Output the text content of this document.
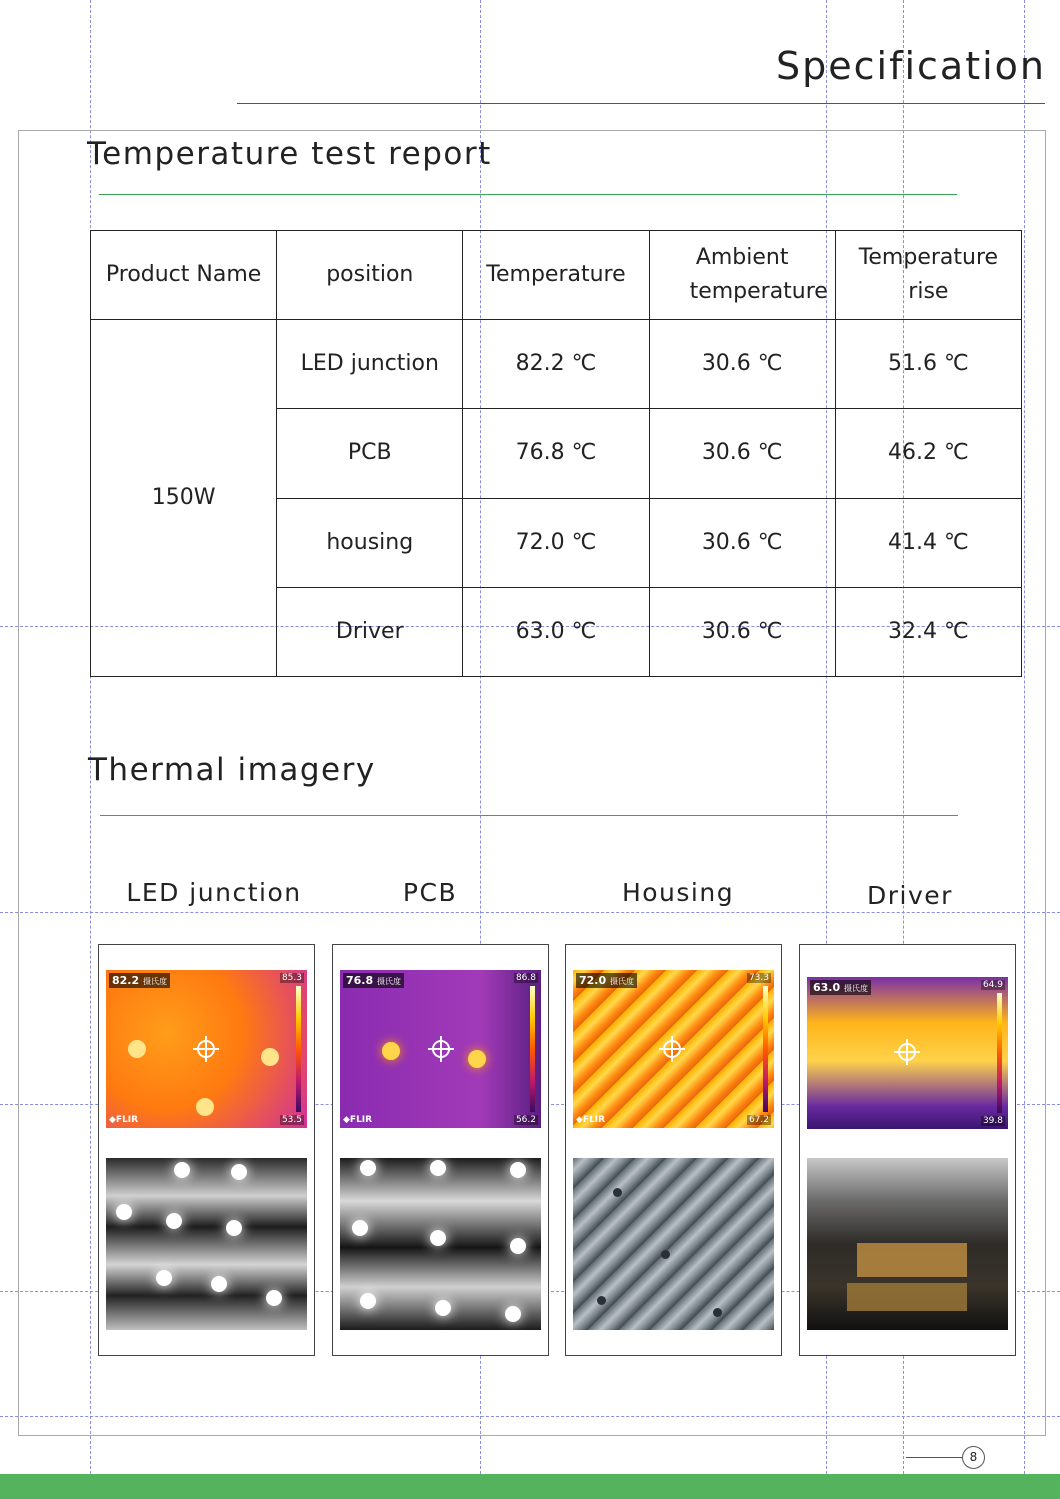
Specification
Temperature test report
Product Name	position	Temperature	Ambient temperature	Temperature rise
150W	LED junction	82.2 ℃	30.6 ℃	51.6 ℃
	PCB	76.8 ℃	30.6 ℃	46.2 ℃
	housing	72.0 ℃	30.6 ℃	41.4 ℃
	Driver	63.0 ℃	30.6 ℃	32.4 ℃
Thermal imagery
LED junction	PCB	Housing	Driver
82.2 摄氏度	85.3
53.5
◆FLIR
76.8 摄氏度	86.8
56.2
◆FLIR
72.0 摄氏度	73.3
67.2
◆FLIR
63.0 摄氏度	64.9
39.8
8
